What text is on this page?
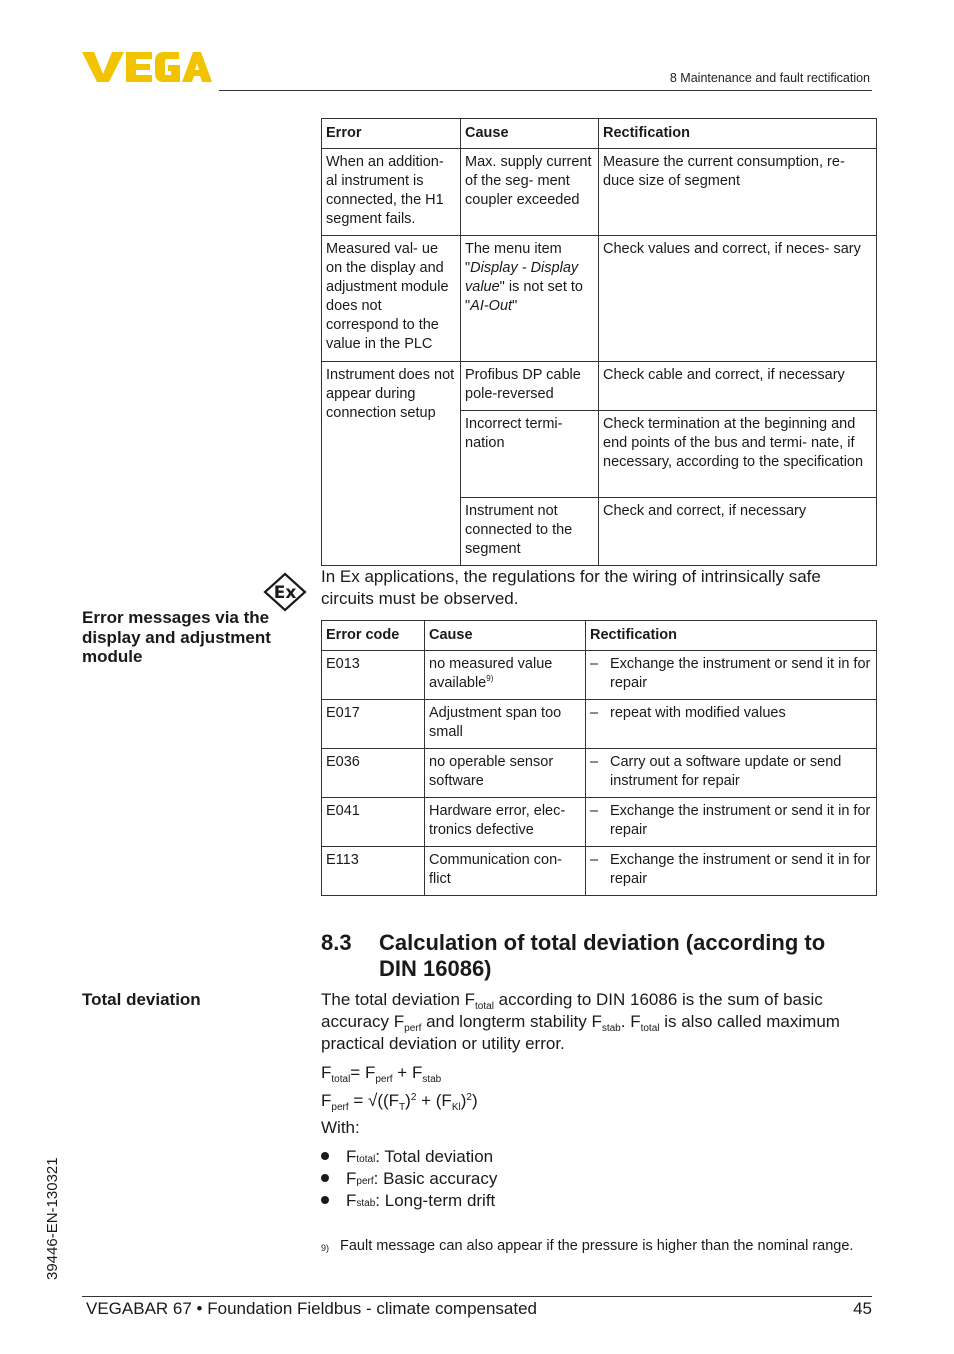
8 Maintenance and fault rectification
Error	Cause	Rectification
When an addition- al instrument is connected, the H1 segment fails.	Max. supply current of the seg- ment coupler exceeded	Measure the current consumption, re- duce size of segment
Measured val- ue on the display and adjustment module does not correspond to the value in the PLC	The menu item "Display - Display value" is not set to "AI-Out"	Check values and correct, if neces- sary
Instrument does not appear during connection setup	Profibus DP cable pole-reversed	Check cable and correct, if necessary
	Incorrect termi- nation	Check termination at the beginning and end points of the bus and termi- nate, if necessary, according to the specification
	Instrument not connected to the segment	Check and correct, if necessary
Ex
In Ex applications, the regulations for the wiring of intrinsically safe circuits must be observed.
Error messages via the display and adjustment module
Error code	Cause	Rectification
E013	no measured value available$^{9)}$	– Exchange the instrument or send it in for repair

E017	Adjustment span too small	– repeat with modified values

E036	no operable sensor software	– Carry out a software update or send instrument for repair

E041	Hardware error, elec- tronics defective	– Exchange the instrument or send it in for repair

E113	Communication con- flict	– Exchange the instrument or send it in for repair
8.3 Calculation of total deviation (according to DIN 16086)
Total deviation	The total deviation $F_{total}$ according to DIN 16086 is the sum of basic accuracy $F_{perf}$ and longterm stability $F_{stab}$. $F_{total}$ is also called maximum practical deviation or utility error.
$F_{total}= F_{perf} + F_{stab}$
$F_{perf} = √((F_T)^2 + (F_{Kl})^2)$
With:
F total : Total deviation
F perf : Basic accuracy
F stab : Long-term drift
9) Fault message can also appear if the pressure is higher than the nominal range.
39446-EN-130321
VEGABAR 67 • Foundation Fieldbus - climate compensated	45
